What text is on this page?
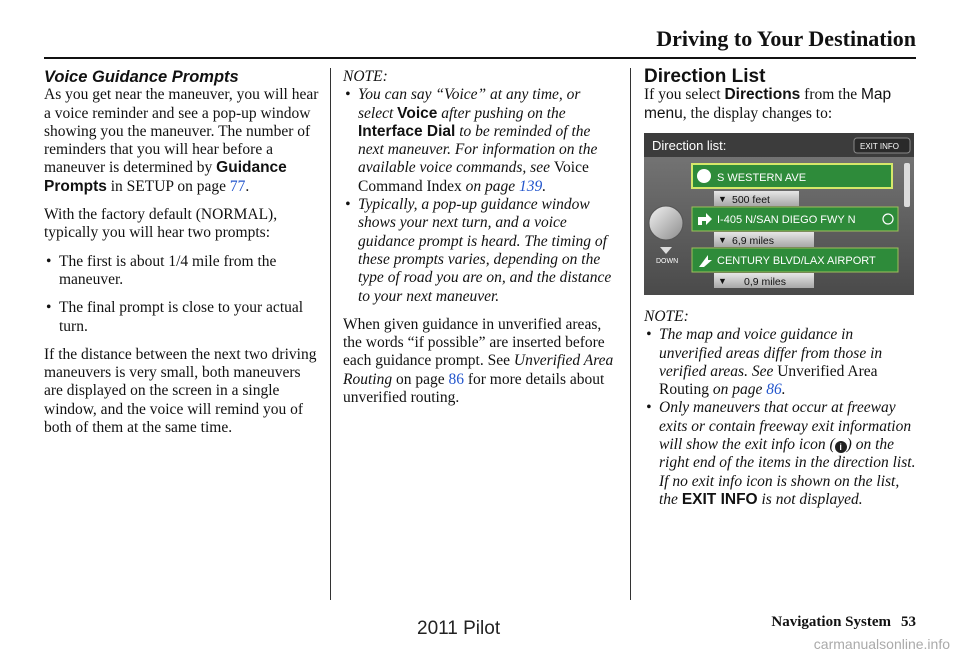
Driving to Your Destination

Voice Guidance Prompts

As you get near the maneuver, you will hear a voice reminder and see a pop-up window showing you the maneuver. The number of reminders that you will hear before a maneuver is determined by Guidance Prompts in SETUP on page 77.

With the factory default (NORMAL), typically you will hear two prompts:

• The first is about 1/4 mile from the maneuver.
• The final prompt is close to your actual turn.

If the distance between the next two driving maneuvers is very small, both maneuvers are displayed on the screen in a single window, and the voice will remind you of both of them at the same time.

NOTE:

• You can say “Voice” at any time, or select Voice after pushing on the Interface Dial to be reminded of the next maneuver. For information on the available voice commands, see Voice Command Index on page 139.
• Typically, a pop-up guidance window shows your next turn, and a voice guidance prompt is heard. The timing of these prompts varies, depending on the type of road you are on, and the distance to your next maneuver.

When given guidance in unverified areas, the words “if possible” are inserted before each guidance prompt. See Unverified Area Routing on page 86 for more details about unverified routing.

Direction List

If you select Directions from the Map menu, the display changes to:

Direction list:	EXIT INFO
DOWN
S WESTERN AVE
▼ 500 feet
I-405 N/SAN DIEGO FWY N
▼ 6,9 miles
CENTURY BLVD/LAX AIRPORT
▼ 0,9 miles

NOTE:

• The map and voice guidance in unverified areas differ from those in verified areas. See Unverified Area Routing on page 86.
• Only maneuvers that occur at freeway exits or contain freeway exit information will show the exit info icon ( i ) on the right end of the items in the direction list. If no exit info icon is shown on the list, the EXIT INFO is not displayed.
2011 Pilot	Navigation System 53
carmanualsonline.info
